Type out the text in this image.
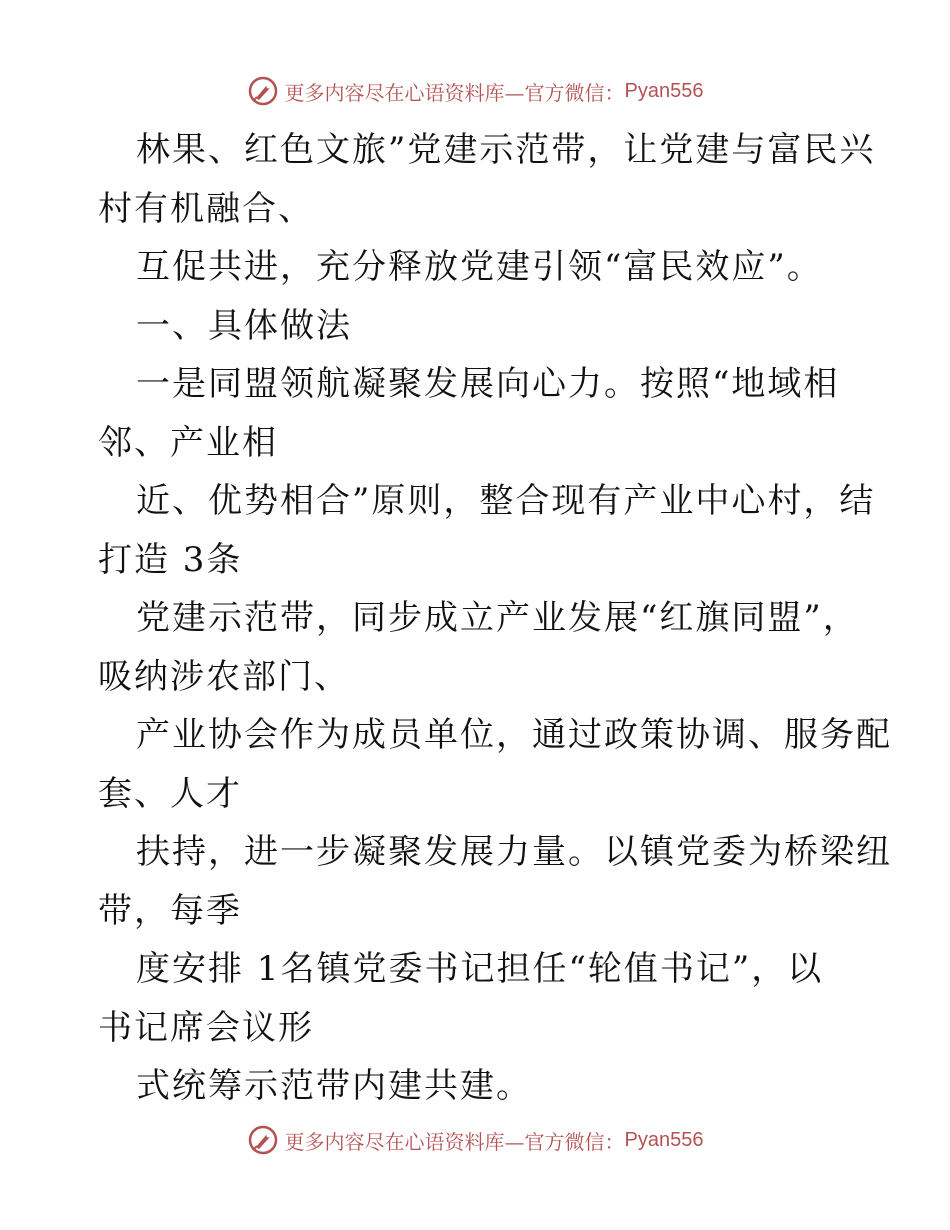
更多内容尽在心语资料库—官方微信： Pyan556
林果、红色文旅”党建示范带，让党建与富民兴
村有机融合、
互促共进，充分释放党建引领“富民效应”。
一、具体做法
一是同盟领航凝聚发展向心力。按照“地域相
邻、产业相
近、优势相合”原则，整合现有产业中心村，结
打造 3条
党建示范带，同步成立产业发展“红旗同盟”，
吸纳涉农部门、
产业协会作为成员单位，通过政策协调、服务配
套、人才
扶持，进一步凝聚发展力量。以镇党委为桥梁纽
带，每季
度安排 1名镇党委书记担任“轮值书记”，以
书记席会议形
式统筹示范带内建共建。
更多内容尽在心语资料库—官方微信： Pyan556
